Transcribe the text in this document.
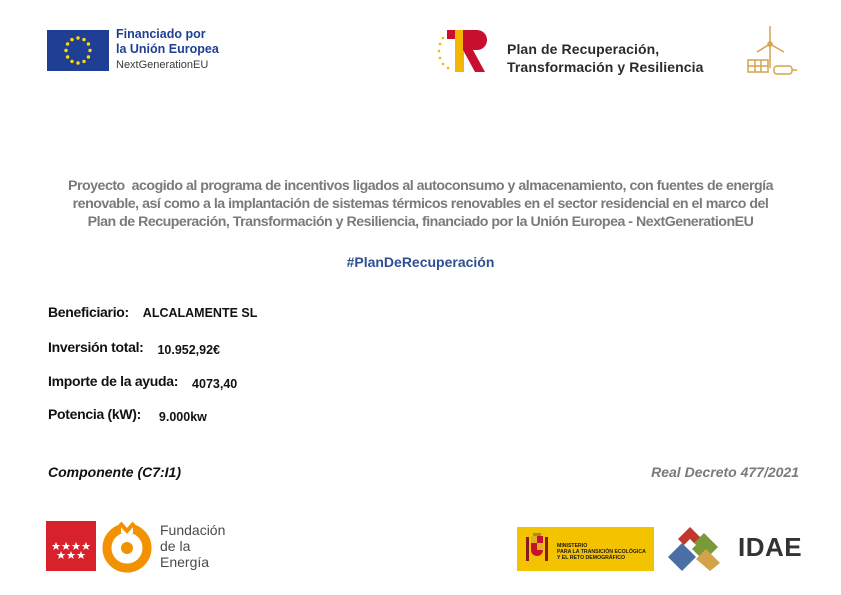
Financiado por
la Unión Europea
NextGenerationEU
Plan de Recuperación,
Transformación y Resiliencia
Proyecto acogido al programa de incentivos ligados al autoconsumo y almacenamiento, con fuentes de energía
renovable, así como a la implantación de sistemas térmicos renovables en el sector residencial en el marco del
Plan de Recuperación, Transformación y Resiliencia, financiado por la Unión Europea - NextGenerationEU
#PlanDeRecuperación
Beneficiario: ALCALAMENTE SL
Inversión total: 10.952,92€
Importe de la ayuda: 4073,40
Potencia (kW): 9.000kw
Componente (C7:I1)	Real Decreto 477/2021
Fundación
de la
Energía
MINISTERIO
PARA LA TRANSICIÓN ECOLÓGICA
Y EL RETO DEMOGRÁFICO	IDAE
